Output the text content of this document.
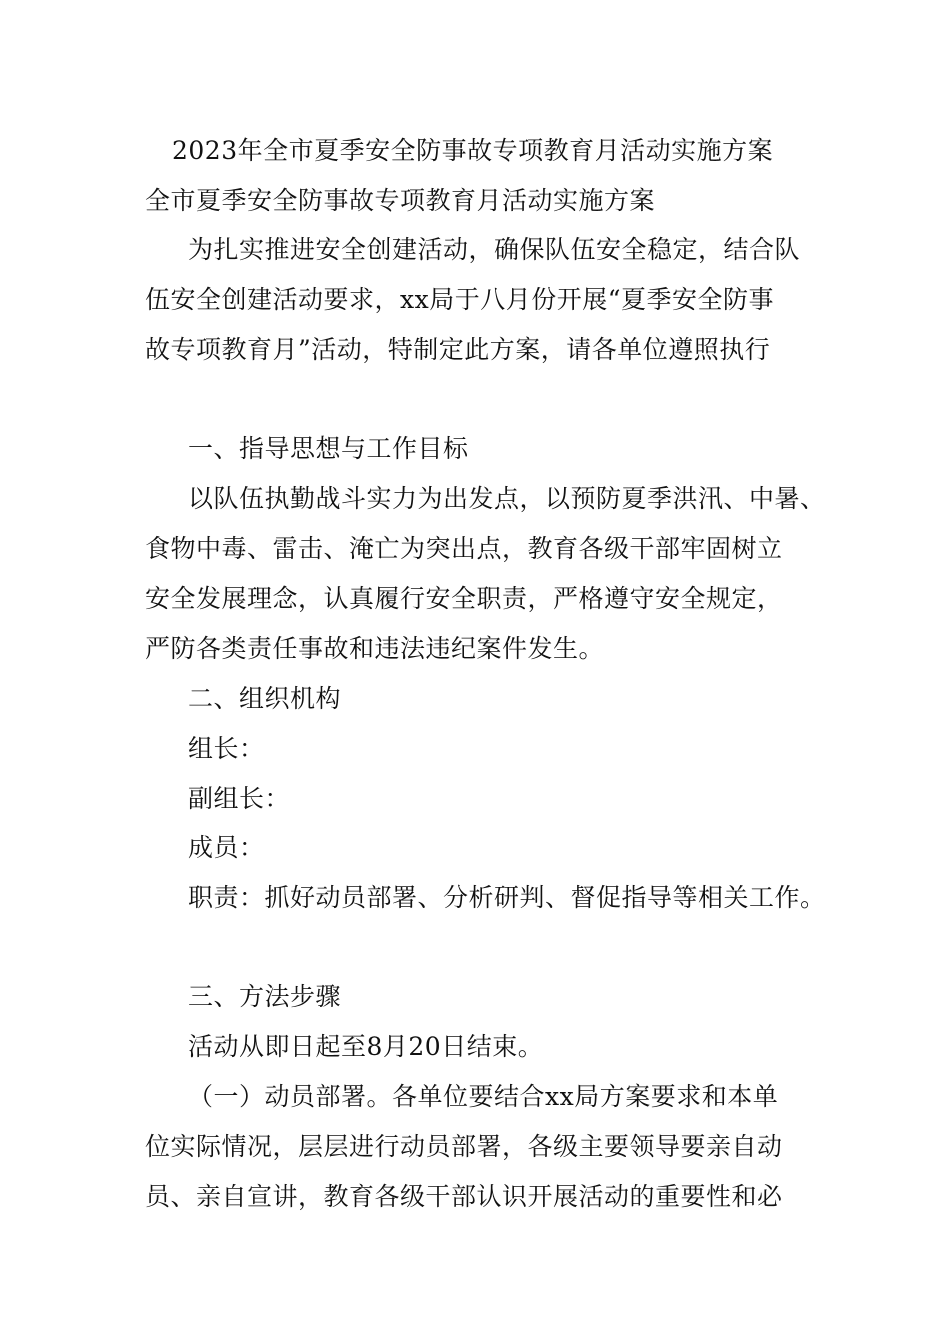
2023年全市夏季安全防事故专项教育月活动实施方案
全市夏季安全防事故专项教育月活动实施方案
为扎实推进安全创建活动，确保队伍安全稳定，结合队
伍安全创建活动要求，xx局于八月份开展“夏季安全防事
故专项教育月”活动，特制定此方案，请各单位遵照执行
一、指导思想与工作目标
以队伍执勤战斗实力为出发点，以预防夏季洪汛、中暑、
食物中毒、雷击、淹亡为突出点，教育各级干部牢固树立
安全发展理念，认真履行安全职责，严格遵守安全规定，
严防各类责任事故和违法违纪案件发生。
二、组织机构
组长：
副组长：
成员：
职责：抓好动员部署、分析研判、督促指导等相关工作。
三、方法步骤
活动从即日起至8月20日结束。
（一）动员部署。各单位要结合xx局方案要求和本单
位实际情况，层层进行动员部署，各级主要领导要亲自动
员、亲自宣讲，教育各级干部认识开展活动的重要性和必
